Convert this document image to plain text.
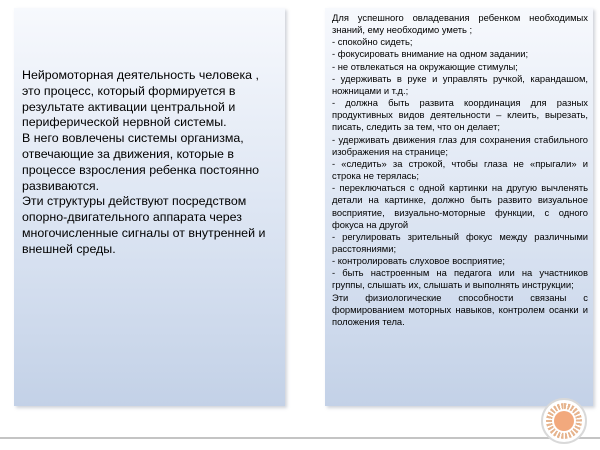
Нейромоторная деятельность человека ,  это процесс, который формируется в результате активации центральной и периферической нервной системы.
В него вовлечены системы организма, отвечающие за движения, которые в процессе взросления ребенка постоянно развиваются.
Эти структуры действуют посредством опорно-двигательного аппарата через многочисленные сигналы от внутренней и внешней среды.
Для успешного овладевания ребенком необходимых знаний, ему необходимо уметь ;
- спокойно сидеть;
- фокусировать внимание на одном задании;
- не отвлекаться на окружающие стимулы;
- удерживать в руке и управлять ручкой, карандашом, ножницами и т.д.;
- должна быть развита координация для разных продуктивных видов деятельности – клеить, вырезать, писать, следить за тем, что он делает;
- удерживать движения глаз для сохранения стабильного изображения на странице;
- «следить» за строкой, чтобы глаза не «прыгали» и строка не терялась;
- переключаться с одной картинки на другую вычленять детали на картинке, должно быть развито визуальное восприятие, визуально-моторные функции, с одного фокуса на другой
- регулировать зрительный фокус между различными расстояниями;
- контролировать слуховое восприятие;
- быть настроенным на педагога или на участников группы, слышать их, слышать и выполнять инструкции;
Эти физиологические способности связаны с формированием моторных навыков, контролем осанки и положения тела.
